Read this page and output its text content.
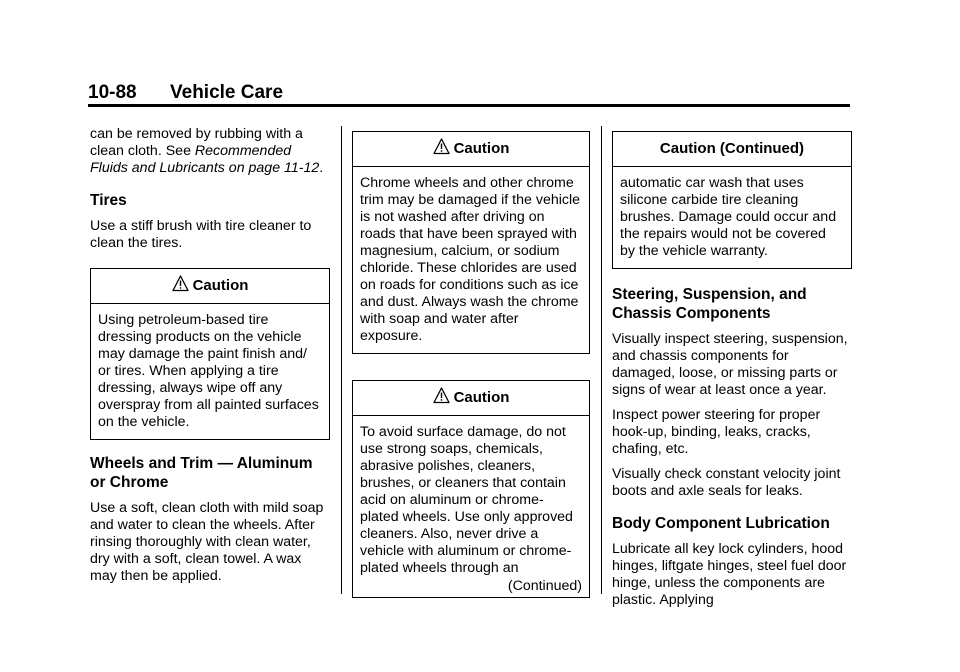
10-88 Vehicle Care

can be removed by rubbing with a clean cloth. See Recommended Fluids and Lubricants on page 11-12.

Tires

Use a stiff brush with tire cleaner to clean the tires.

Caution
Using petroleum-based tire dressing products on the vehicle may damage the paint finish and/ or tires. When applying a tire dressing, always wipe off any overspray from all painted surfaces on the vehicle.
Wheels and Trim — Aluminum or Chrome

Use a soft, clean cloth with mild soap and water to clean the wheels. After rinsing thoroughly with clean water, dry with a soft, clean towel. A wax may then be applied.

Caution
Chrome wheels and other chrome trim may be damaged if the vehicle is not washed after driving on roads that have been sprayed with magnesium, calcium, or sodium chloride. These chlorides are used on roads for conditions such as ice and dust. Always wash the chrome with soap and water after exposure.
Caution
To avoid surface damage, do not use strong soaps, chemicals, abrasive polishes, cleaners, brushes, or cleaners that contain acid on aluminum or chrome-plated wheels. Use only approved cleaners. Also, never drive a vehicle with aluminum or chrome-plated wheels through an
(Continued)
Caution (Continued)
automatic car wash that uses silicone carbide tire cleaning brushes. Damage could occur and the repairs would not be covered by the vehicle warranty.
Steering, Suspension, and Chassis Components

Visually inspect steering, suspension, and chassis components for damaged, loose, or missing parts or signs of wear at least once a year.

Inspect power steering for proper hook-up, binding, leaks, cracks, chafing, etc.

Visually check constant velocity joint boots and axle seals for leaks.

Body Component Lubrication

Lubricate all key lock cylinders, hood hinges, liftgate hinges, steel fuel door hinge, unless the components are plastic. Applying
